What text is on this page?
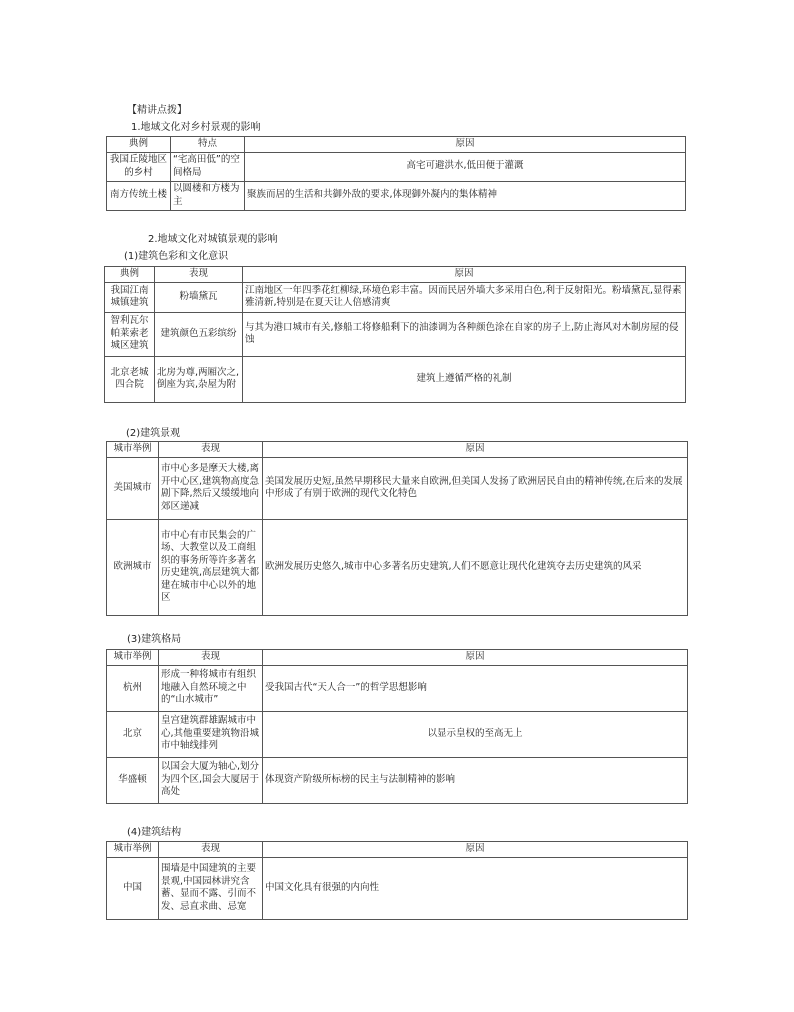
【精讲点拨】
1.地域文化对乡村景观的影响
典例	特点	原因
我国丘陵地区的乡村	“宅高田低”的空间格局	高宅可避洪水,低田便于灌溉
南方传统土楼	以圆楼和方楼为主	聚族而居的生活和共御外敌的要求,体现御外凝内的集体精神
2.地域文化对城镇景观的影响
(1)建筑色彩和文化意识
典例	表现	原因
我国江南城镇建筑	粉墙黛瓦	江南地区一年四季花红柳绿,环境色彩丰富。因而民居外墙大多采用白色,利于反射阳光。粉墙黛瓦,显得素雅清新,特别是在夏天让人倍感清爽
智利瓦尔帕莱索老城区建筑	建筑颜色五彩缤纷	与其为港口城市有关,修船工将修船剩下的油漆调为各种颜色涂在自家的房子上,防止海风对木制房屋的侵蚀
北京老城四合院	北房为尊,两厢次之,倒座为宾,杂屋为附	建筑上遵循严格的礼制
(2)建筑景观
城市举例	表现	原因
美国城市	市中心多是摩天大楼,离开中心区,建筑物高度急剧下降,然后又缓缓地向郊区递减	美国发展历史短,虽然早期移民大量来自欧洲,但美国人发扬了欧洲居民自由的精神传统,在后来的发展中形成了有别于欧洲的现代文化特色
欧洲城市	市中心有市民集会的广场、大教堂以及工商组织的事务所等许多著名历史建筑,高层建筑大都建在城市中心以外的地区	欧洲发展历史悠久,城市中心多著名历史建筑,人们不愿意让现代化建筑夺去历史建筑的风采
(3)建筑格局
城市举例	表现	原因
杭州	形成一种将城市有组织地融入自然环境之中的“山水城市”	受我国古代“天人合一”的哲学思想影响
北京	皇宫建筑群雄踞城市中心,其他重要建筑物沿城市中轴线排列	以显示皇权的至高无上
华盛顿	以国会大厦为轴心,划分为四个区,国会大厦居于高处	体现资产阶级所标榜的民主与法制精神的影响
(4)建筑结构
城市举例	表现	原因
中国	围墙是中国建筑的主要景观,中国园林讲究含蓄、显而不露、引而不发、忌直求曲、忌宽	中国文化具有很强的内向性
